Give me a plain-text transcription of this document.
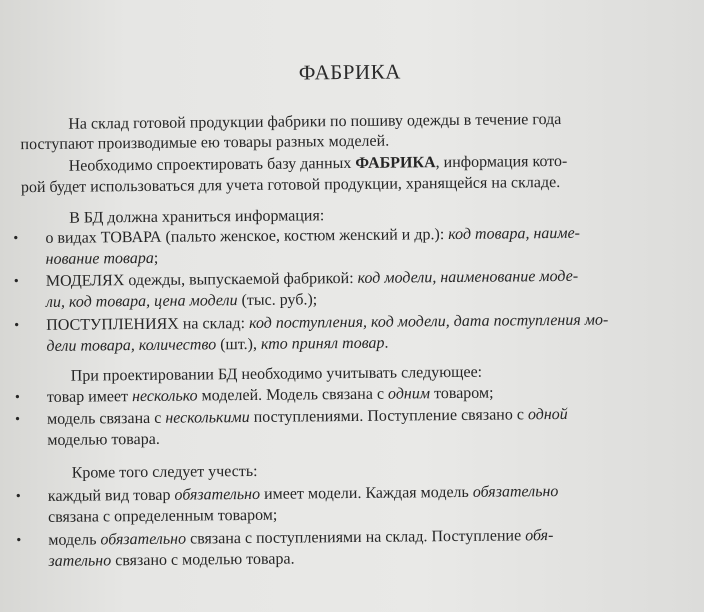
ФАБРИКА
На склад готовой продукции фабрики по пошиву одежды в течение года
поступают производимые ею товары разных моделей.
Необходимо спроектировать базу данных ФАБРИКА, информация кото-
рой будет использоваться для учета готовой продукции, хранящейся на складе.
В БД должна храниться информация:
• о видах ТОВАРА (пальто женское, костюм женский и др.): код товара, наиме-
нование товара;
• МОДЕЛЯХ одежды, выпускаемой фабрикой: код модели, наименование моде-
ли, код товара, цена модели (тыс. руб.);
• ПОСТУПЛЕНИЯХ на склад: код поступления, код модели, дата поступления мо-
дели товара, количество (шт.), кто принял товар.
При проектировании БД необходимо учитывать следующее:
• товар имеет несколько моделей. Модель связана с одним товаром;
• модель связана с несколькими поступлениями. Поступление связано с одной
моделью товара.
Кроме того следует учесть:
• каждый вид товар обязательно имеет модели. Каждая модель обязательно
связана с определенным товаром;
• модель обязательно связана с поступлениями на склад. Поступление обя-
зательно связано с моделью товара.
